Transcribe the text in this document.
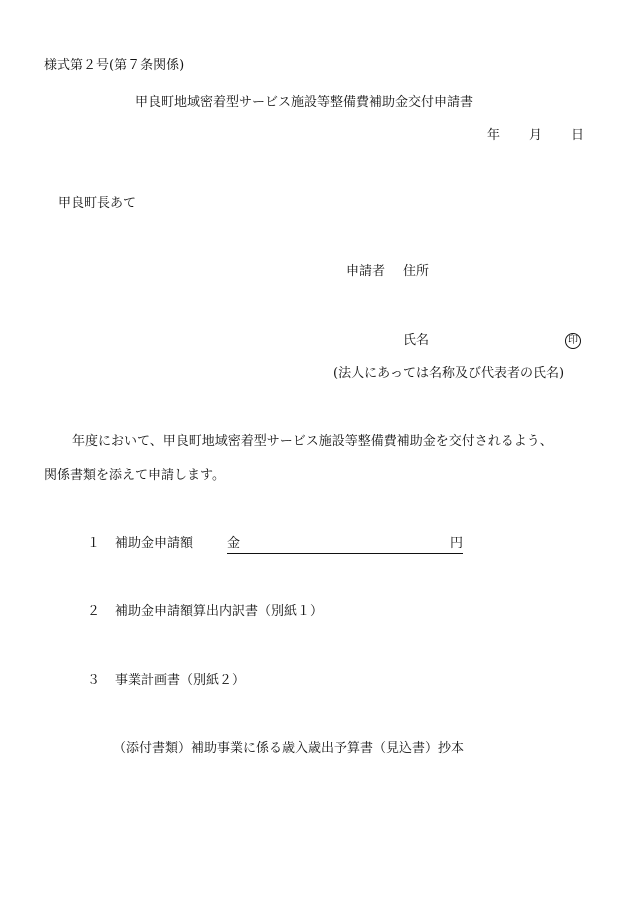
様式第２号(第７条関係)
甲良町地域密着型サービス施設等整備費補助金交付申請書
年 月 日
甲良町長あて
申請者 住所
氏名	印
(法人にあっては名称及び代表者の氏名)
年度において、甲良町地域密着型サービス施設等整備費補助金を交付されるよう、
関係書類を添えて申請します。
１ 補助金申請額	金	円
２ 補助金申請額算出内訳書（別紙１）
３ 事業計画書（別紙２）
（添付書類）補助事業に係る歳入歳出予算書（見込書）抄本
